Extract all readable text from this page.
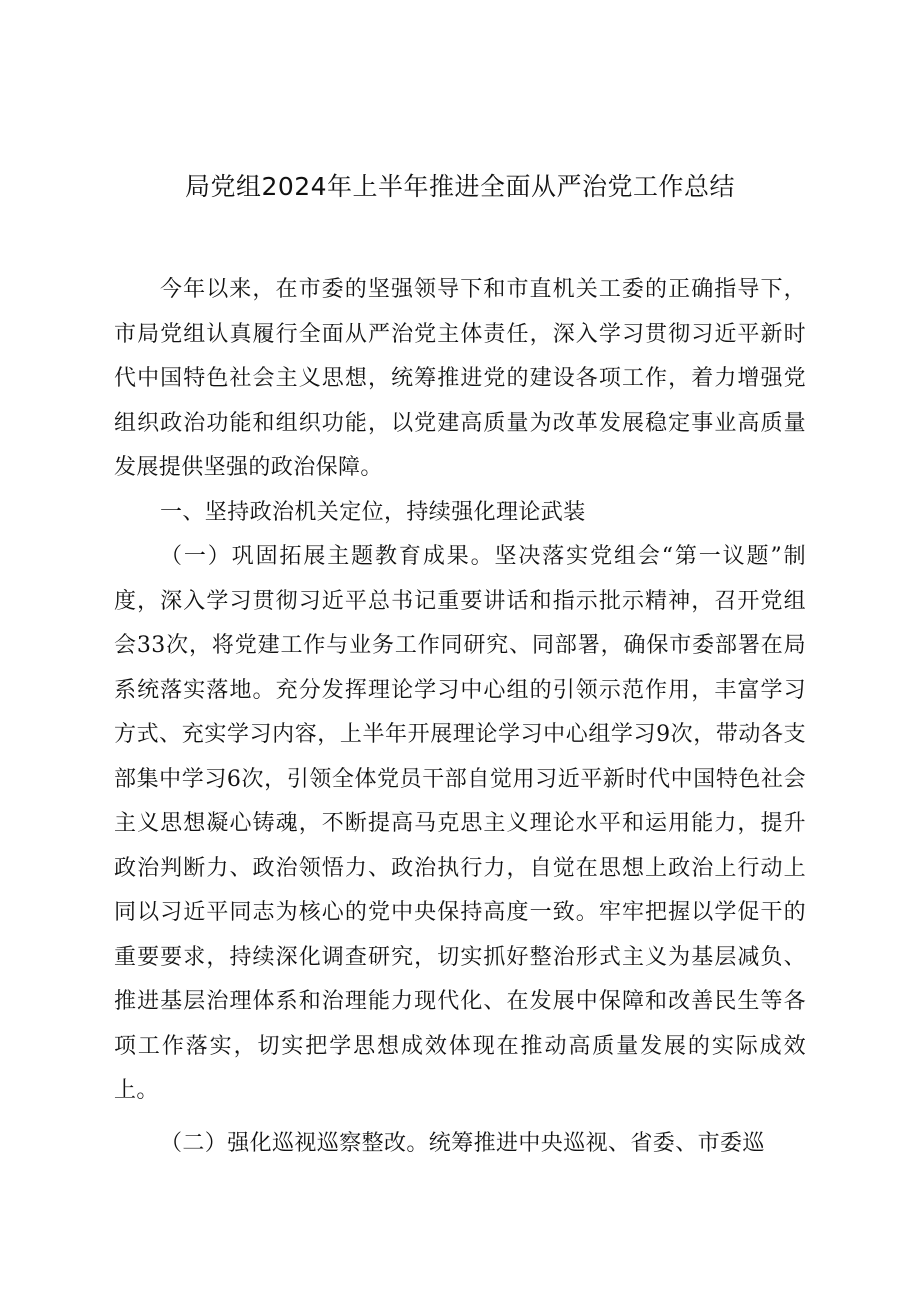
局党组2024年上半年推进全面从严治党工作总结

今年以来，在市委的坚强领导下和市直机关工委的正确指导下，市局党组认真履行全面从严治党主体责任，深入学习贯彻习近平新时代中国特色社会主义思想，统筹推进党的建设各项工作，着力增强党组织政治功能和组织功能，以党建高质量为改革发展稳定事业高质量发展提供坚强的政治保障。

一、坚持政治机关定位，持续强化理论武装

（一）巩固拓展主题教育成果。坚决落实党组会“第一议题”制度，深入学习贯彻习近平总书记重要讲话和指示批示精神，召开党组会33次，将党建工作与业务工作同研究、同部署，确保市委部署在局系统落实落地。充分发挥理论学习中心组的引领示范作用，丰富学习方式、充实学习内容，上半年开展理论学习中心组学习9次，带动各支部集中学习6次，引领全体党员干部自觉用习近平新时代中国特色社会主义思想凝心铸魂，不断提高马克思主义理论水平和运用能力，提升政治判断力、政治领悟力、政治执行力，自觉在思想上政治上行动上同以习近平同志为核心的党中央保持高度一致。牢牢把握以学促干的重要要求，持续深化调查研究，切实抓好整治形式主义为基层减负、推进基层治理体系和治理能力现代化、在发展中保障和改善民生等各项工作落实，切实把学思想成效体现在推动高质量发展的实际成效上。

（二）强化巡视巡察整改。统筹推进中央巡视、省委、市委巡
